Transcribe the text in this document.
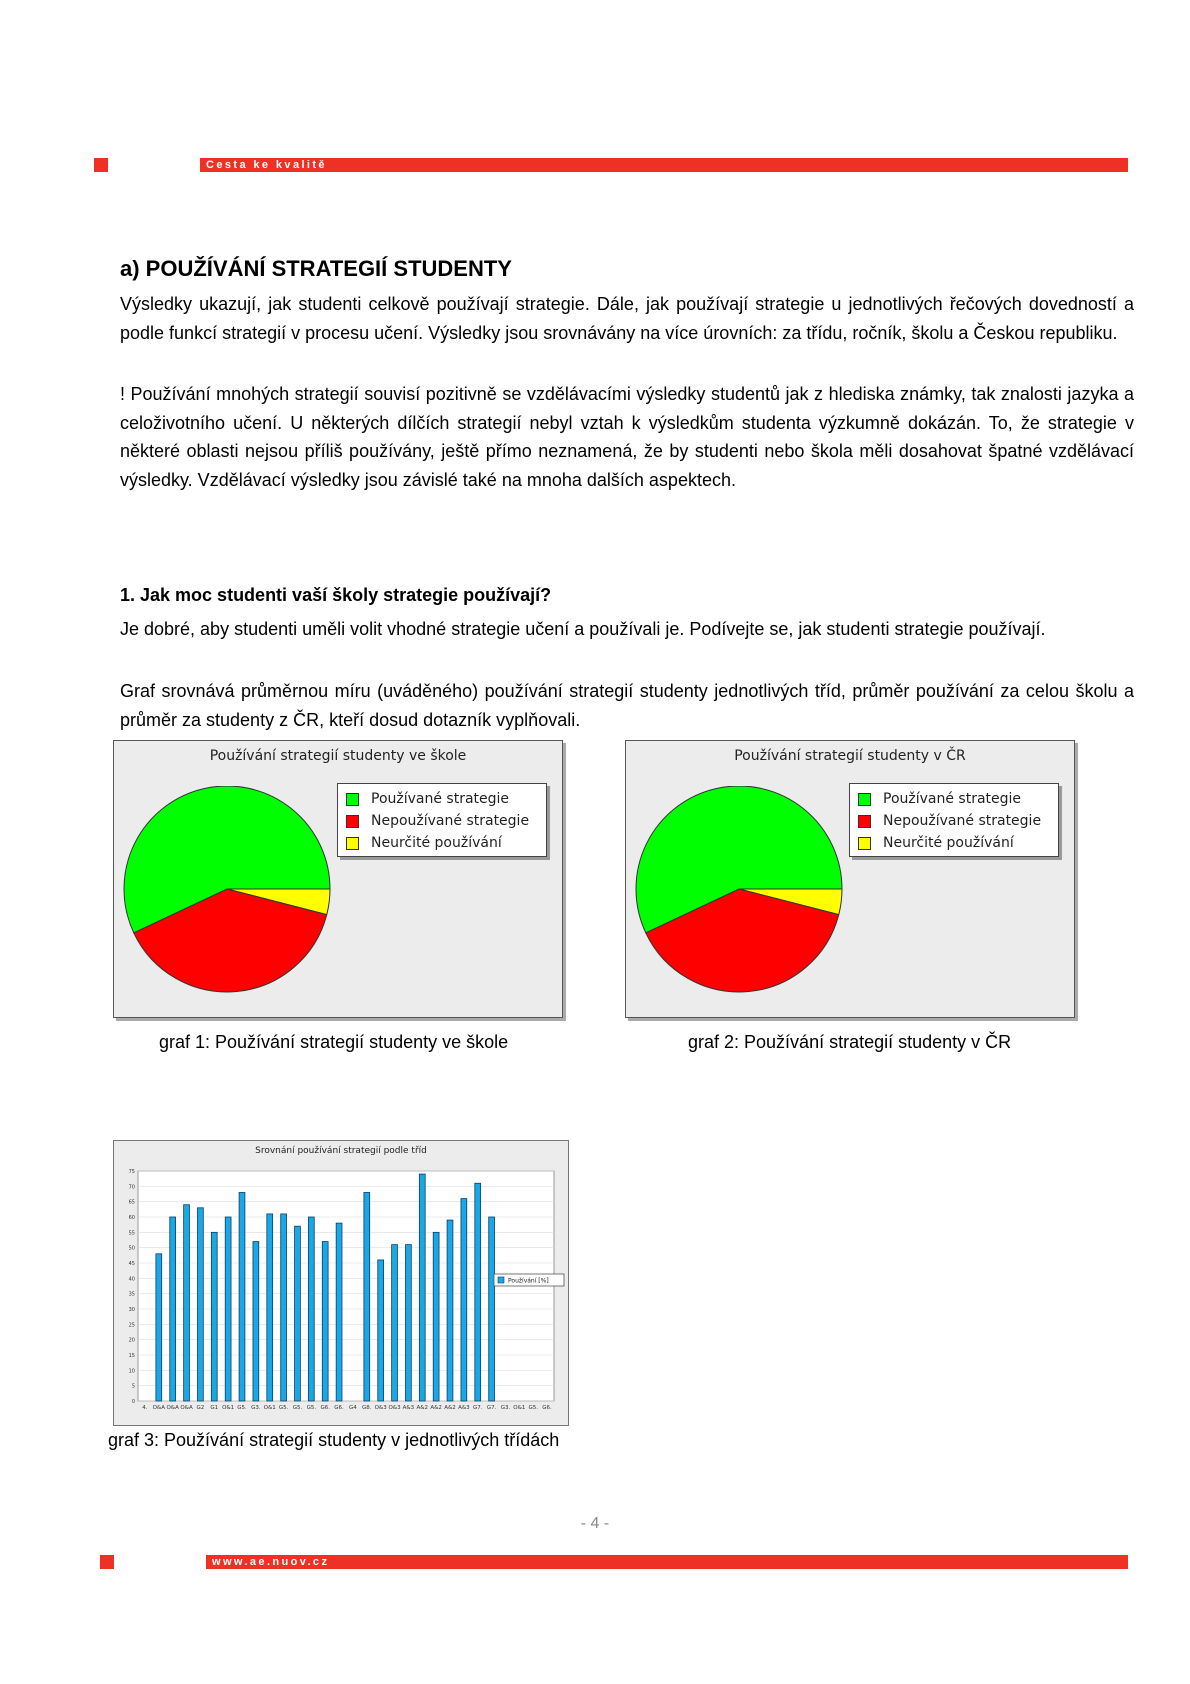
Cesta ke kvalitě
a) POUŽÍVÁNÍ STRATEGIÍ STUDENTY

Výsledky ukazují, jak studenti celkově používají strategie. Dále, jak používají strategie u jednotlivých řečových dovedností a podle funkcí strategií v procesu učení. Výsledky jsou srovnávány na více úrovních: za třídu, ročník, školu a Českou republiku.

! Používání mnohých strategií souvisí pozitivně se vzdělávacími výsledky studentů jak z hlediska známky, tak znalosti jazyka a celoživotního učení. U některých dílčích strategií nebyl vztah k výsledkům studenta výzkumně dokázán. To, že strategie v některé oblasti nejsou příliš používány, ještě přímo neznamená, že by studenti nebo škola měli dosahovat špatné vzdělávací výsledky. Vzdělávací výsledky jsou závislé také na mnoha dalších aspektech.

1. Jak moc studenti vaší školy strategie používají?

Je dobré, aby studenti uměli volit vhodné strategie učení a používali je. Podívejte se, jak studenti strategie používají.

Graf srovnává průměrnou míru (uváděného) používání strategií studenty jednotlivých tříd, průměr používání za celou školu a průměr za studenty z ČR, kteří dosud dotazník vyplňovali.

Používání strategií studenty ve škole
Používané strategie
Nepoužívané strategie
Neurčité používání
graf 1: Používání strategií studenty ve škole
Používání strategií studenty v ČR
Používané strategie
Nepoužívané strategie
Neurčité používání
graf 2: Používání strategií studenty v ČR
Srovnání používání strategií podle tříd
0
5
10
15
20
25
30
35
40
45
50
55
60
65
70
75
4. O&A O&A O&A G2 G1 O&1 G5. G3. O&1 G5. G5. G5. G6. G6. G4 G8. O&3 O&3 A&3 A&2 A&2 A&2 A&3 G7. G7. G3. O&1 G5. G6.
Používání [%]
graf 3: Používání strategií studenty v jednotlivých třídách
- 4 -
www.ae.nuov.cz
